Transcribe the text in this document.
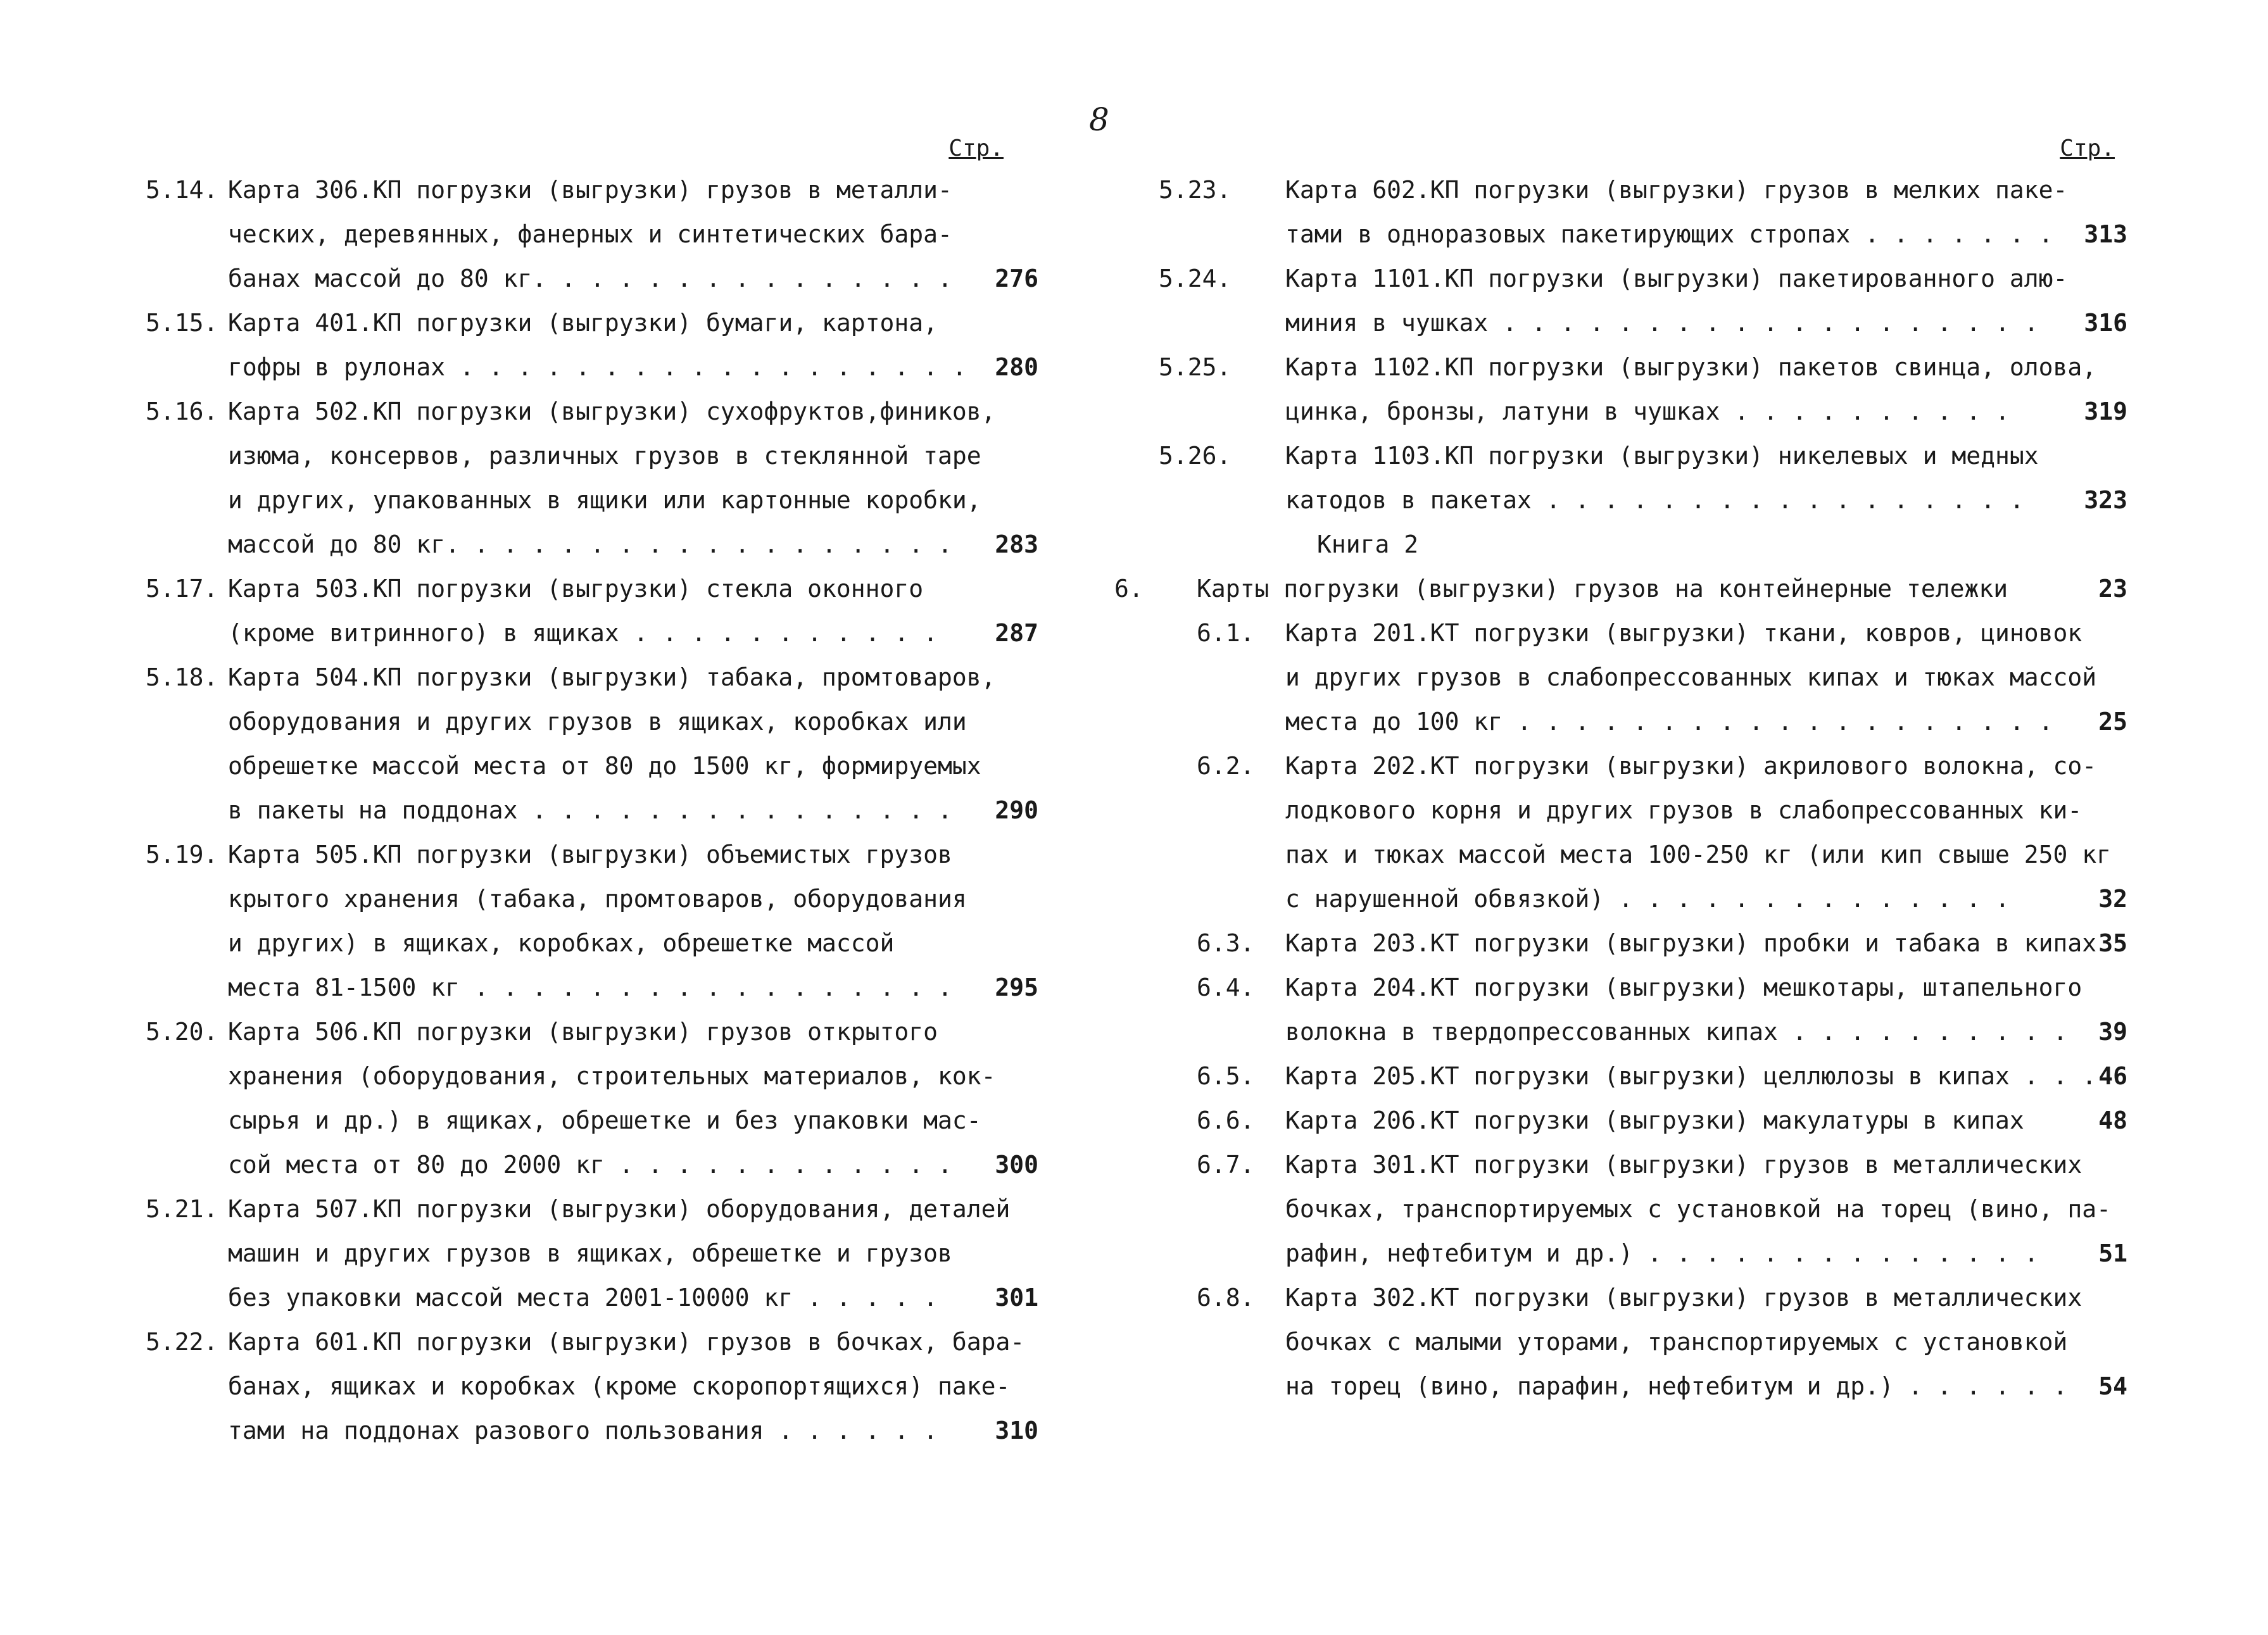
8
Стр.
5.14. Карта 306.КП погрузки (выгрузки) грузов в металли-
ческих, деревянных, фанерных и синтетических бара-
банах массой до 80 кг. . . . . . . . . . . . . . .	276
5.15. Карта 401.КП погрузки (выгрузки) бумаги, картона,
гофры в рулонах . . . . . . . . . . . . . . . . . .	280
5.16. Карта 502.КП погрузки (выгрузки) сухофруктов,фиников,
изюма, консервов, различных грузов в стеклянной таре
и других, упакованных в ящики или картонные коробки,
массой до 80 кг. . . . . . . . . . . . . . . . . .	283
5.17. Карта 503.КП погрузки (выгрузки) стекла оконного
(кроме витринного) в ящиках . . . . . . . . . . .	287
5.18. Карта 504.КП погрузки (выгрузки) табака, промтоваров,
оборудования и других грузов в ящиках, коробках или
обрешетке массой места от 80 до 1500 кг, формируемых
в пакеты на поддонах . . . . . . . . . . . . . . .	290
5.19. Карта 505.КП погрузки (выгрузки) объемистых грузов
крытого хранения (табака, промтоваров, оборудования
и других) в ящиках, коробках, обрешетке массой
места 81-1500 кг . . . . . . . . . . . . . . . . .	295
5.20. Карта 506.КП погрузки (выгрузки) грузов открытого
хранения (оборудования, строительных материалов, кок-
сырья и др.) в ящиках, обрешетке и без упаковки мас-
сой места от 80 до 2000 кг . . . . . . . . . . . .	300
5.21. Карта 507.КП погрузки (выгрузки) оборудования, деталей
машин и других грузов в ящиках, обрешетке и грузов
без упаковки массой места 2001-10000 кг . . . . .	301
5.22. Карта 601.КП погрузки (выгрузки) грузов в бочках, бара-
банах, ящиках и коробках (кроме скоропортящихся) паке-
тами на поддонах разового пользования . . . . . .	310
Стр.
5.23. Карта 602.КП погрузки (выгрузки) грузов в мелких паке-
тами в одноразовых пакетирующих стропах . . . . . . .	313
5.24. Карта 1101.КП погрузки (выгрузки) пакетированного алю-
миния в чушках . . . . . . . . . . . . . . . . . . .	316
5.25. Карта 1102.КП погрузки (выгрузки) пакетов свинца, олова,
цинка, бронзы, латуни в чушках . . . . . . . . . .	319
5.26. Карта 1103.КП погрузки (выгрузки) никелевых и медных
катодов в пакетах . . . . . . . . . . . . . . . . .	323
Книга 2
6. Карты погрузки (выгрузки) грузов на контейнерные тележки	23
6.1. Карта 201.КТ погрузки (выгрузки) ткани, ковров, циновок
и других грузов в слабопрессованных кипах и тюках массой
места до 100 кг . . . . . . . . . . . . . . . . . . .	25
6.2. Карта 202.КТ погрузки (выгрузки) акрилового волокна, со-
лодкового корня и других грузов в слабопрессованных ки-
пах и тюках массой места 100-250 кг (или кип свыше 250 кг
с нарушенной обвязкой) . . . . . . . . . . . . . .	32
6.3. Карта 203.КТ погрузки (выгрузки) пробки и табака в кипах 35
6.4. Карта 204.КТ погрузки (выгрузки) мешкотары, штапельного
волокна в твердопрессованных кипах . . . . . . . . . .	39
6.5. Карта 205.КТ погрузки (выгрузки) целлюлозы в кипах . . . 46
6.6. Карта 206.КТ погрузки (выгрузки) макулатуры в кипах	48
6.7. Карта 301.КТ погрузки (выгрузки) грузов в металлических
бочках, транспортируемых с установкой на торец (вино, па-
рафин, нефтебитум и др.) . . . . . . . . . . . . . .	51
6.8. Карта 302.КТ погрузки (выгрузки) грузов в металлических
бочках с малыми уторами, транспортируемых с установкой
на торец (вино, парафин, нефтебитум и др.) . . . . . .	54
